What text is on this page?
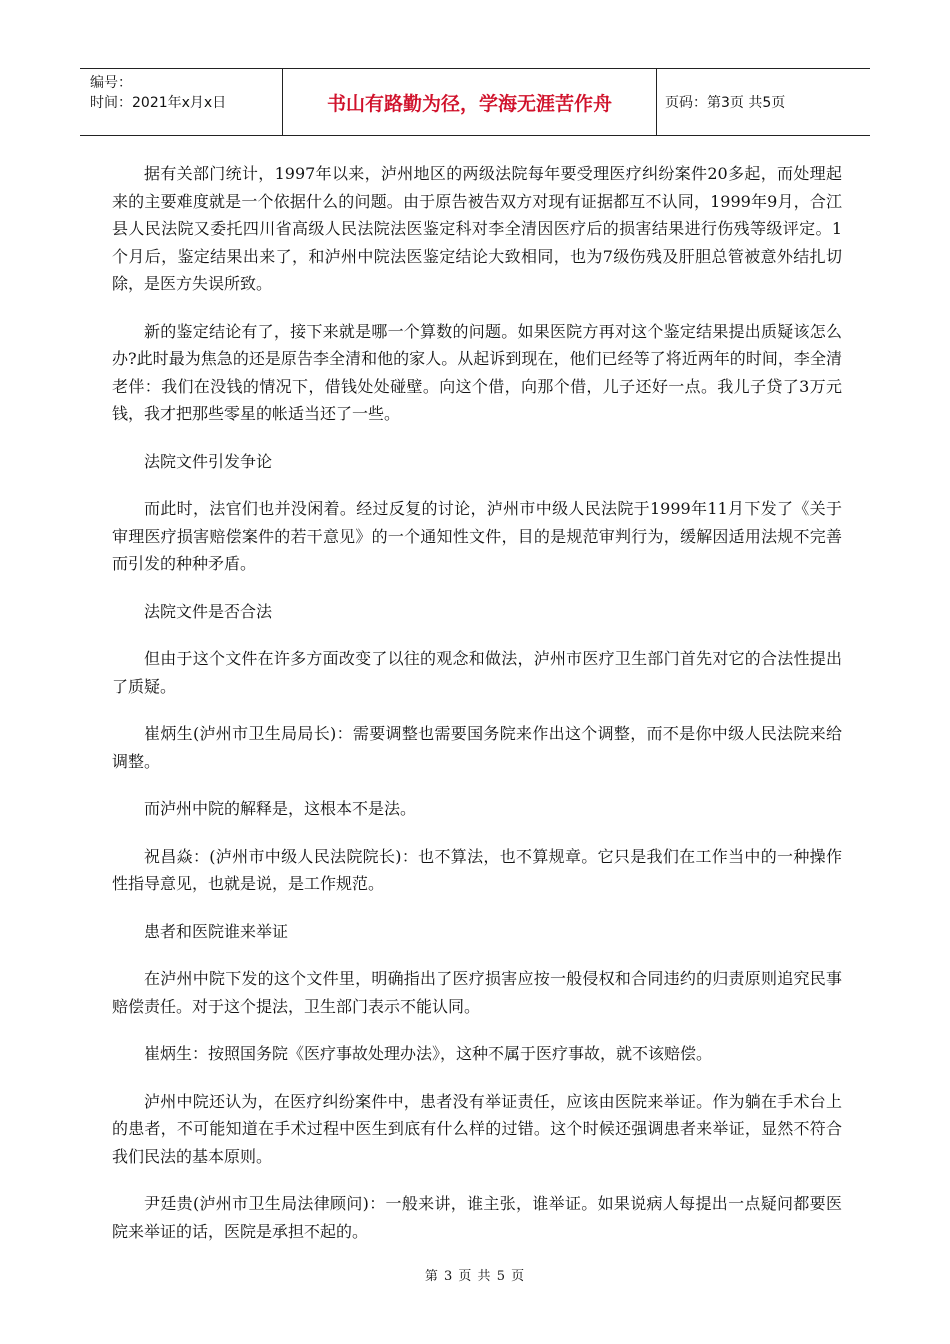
编号：
时间：2021年x月x日	书山有路勤为径，学海无涯苦作舟	页码：第3页 共5页

据有关部门统计，1997年以来，泸州地区的两级法院每年要受理医疗纠纷案件20多起，而处理起来的主要难度就是一个依据什么的问题。由于原告被告双方对现有证据都互不认同，1999年9月，合江县人民法院又委托四川省高级人民法院法医鉴定科对李全清因医疗后的损害结果进行伤残等级评定。1个月后，鉴定结果出来了，和泸州中院法医鉴定结论大致相同，也为7级伤残及肝胆总管被意外结扎切除，是医方失误所致。

新的鉴定结论有了，接下来就是哪一个算数的问题。如果医院方再对这个鉴定结果提出质疑该怎么办?此时最为焦急的还是原告李全清和他的家人。从起诉到现在，他们已经等了将近两年的时间，李全清老伴：我们在没钱的情况下，借钱处处碰壁。向这个借，向那个借，儿子还好一点。我儿子贷了3万元钱，我才把那些零星的帐适当还了一些。

法院文件引发争论

而此时，法官们也并没闲着。经过反复的讨论，泸州市中级人民法院于1999年11月下发了《关于审理医疗损害赔偿案件的若干意见》的一个通知性文件，目的是规范审判行为，缓解因适用法规不完善而引发的种种矛盾。

法院文件是否合法

但由于这个文件在许多方面改变了以往的观念和做法，泸州市医疗卫生部门首先对它的合法性提出了质疑。

崔炳生(泸州市卫生局局长)：需要调整也需要国务院来作出这个调整，而不是你中级人民法院来给调整。

而泸州中院的解释是，这根本不是法。

祝昌焱：(泸州市中级人民法院院长)：也不算法，也不算规章。它只是我们在工作当中的一种操作性指导意见，也就是说，是工作规范。

患者和医院谁来举证

在泸州中院下发的这个文件里，明确指出了医疗损害应按一般侵权和合同违约的归责原则追究民事赔偿责任。对于这个提法，卫生部门表示不能认同。

崔炳生：按照国务院《医疗事故处理办法》，这种不属于医疗事故，就不该赔偿。

泸州中院还认为，在医疗纠纷案件中，患者没有举证责任，应该由医院来举证。作为躺在手术台上的患者，不可能知道在手术过程中医生到底有什么样的过错。这个时候还强调患者来举证，显然不符合我们民法的基本原则。

尹廷贵(泸州市卫生局法律顾问)：一般来讲，谁主张，谁举证。如果说病人每提出一点疑问都要医院来举证的话，医院是承担不起的。

第 3 页 共 5 页
